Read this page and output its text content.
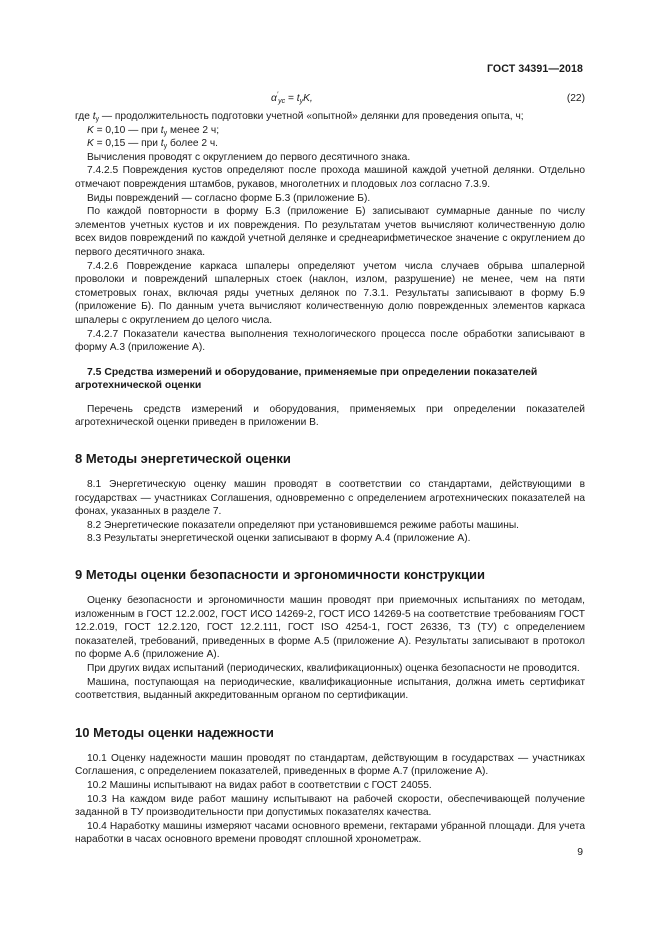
ГОСТ 34391—2018
$\alpha'_{ус} = t_уK$,	(22)

где $t_у$ — продолжительность подготовки учетной «опытной» делянки для проведения опыта, ч;

K = 0,10 — при $t_у$ менее 2 ч;

K = 0,15 — при $t_у$ более 2 ч.

Вычисления проводят с округлением до первого десятичного знака.

7.4.2.5 Повреждения кустов определяют после прохода машиной каждой учетной делянки. Отдельно отмечают повреждения штамбов, рукавов, многолетних и плодовых лоз согласно 7.3.9.

Виды повреждений — согласно форме Б.3 (приложение Б).

По каждой повторности в форму Б.3 (приложение Б) записывают суммарные данные по числу элементов учетных кустов и их повреждения. По результатам учетов вычисляют количественную долю всех видов повреждений по каждой учетной делянке и среднеарифметическое значение с округлением до первого десятичного знака.

7.4.2.6 Повреждение каркаса шпалеры определяют учетом числа случаев обрыва шпалерной проволоки и повреждений шпалерных стоек (наклон, излом, разрушение) не менее, чем на пяти стометровых гонах, включая ряды учетных делянок по 7.3.1. Результаты записывают в форму Б.9 (приложение Б). По данным учета вычисляют количественную долю поврежденных элементов каркаса шпалеры с округлением до целого числа.

7.4.2.7 Показатели качества выполнения технологического процесса после обработки записывают в форму А.3 (приложение А).

7.5 Средства измерений и оборудование, применяемые при определении показателей агротехнической оценки

Перечень средств измерений и оборудования, применяемых при определении показателей агротехнической оценки приведен в приложении В.

8 Методы энергетической оценки

8.1 Энергетическую оценку машин проводят в соответствии со стандартами, действующими в государствах — участниках Соглашения, одновременно с определением агротехнических показателей на фонах, указанных в разделе 7.

8.2 Энергетические показатели определяют при установившемся режиме работы машины.

8.3 Результаты энергетической оценки записывают в форму А.4 (приложение А).

9 Методы оценки безопасности и эргономичности конструкции

Оценку безопасности и эргономичности машин проводят при приемочных испытаниях по методам, изложенным в ГОСТ 12.2.002, ГОСТ ИСО 14269-2, ГОСТ ИСО 14269-5 на соответствие требованиям ГОСТ 12.2.019, ГОСТ 12.2.120, ГОСТ 12.2.111, ГОСТ ISO 4254-1, ГОСТ 26336, ТЗ (ТУ) с определением показателей, требований, приведенных в форме А.5 (приложение А). Результаты записывают в протокол по форме А.6 (приложение А).

При других видах испытаний (периодических, квалификационных) оценка безопасности не проводится.

Машина, поступающая на периодические, квалификационные испытания, должна иметь сертификат соответствия, выданный аккредитованным органом по сертификации.

10 Методы оценки надежности

10.1 Оценку надежности машин проводят по стандартам, действующим в государствах — участниках Соглашения, с определением показателей, приведенных в форме А.7 (приложение А).

10.2 Машины испытывают на видах работ в соответствии с ГОСТ 24055.

10.3 На каждом виде работ машину испытывают на рабочей скорости, обеспечивающей получение заданной в ТУ производительности при допустимых показателях качества.

10.4 Наработку машины измеряют часами основного времени, гектарами убранной площади. Для учета наработки в часах основного времени проводят сплошной хронометраж.

9
